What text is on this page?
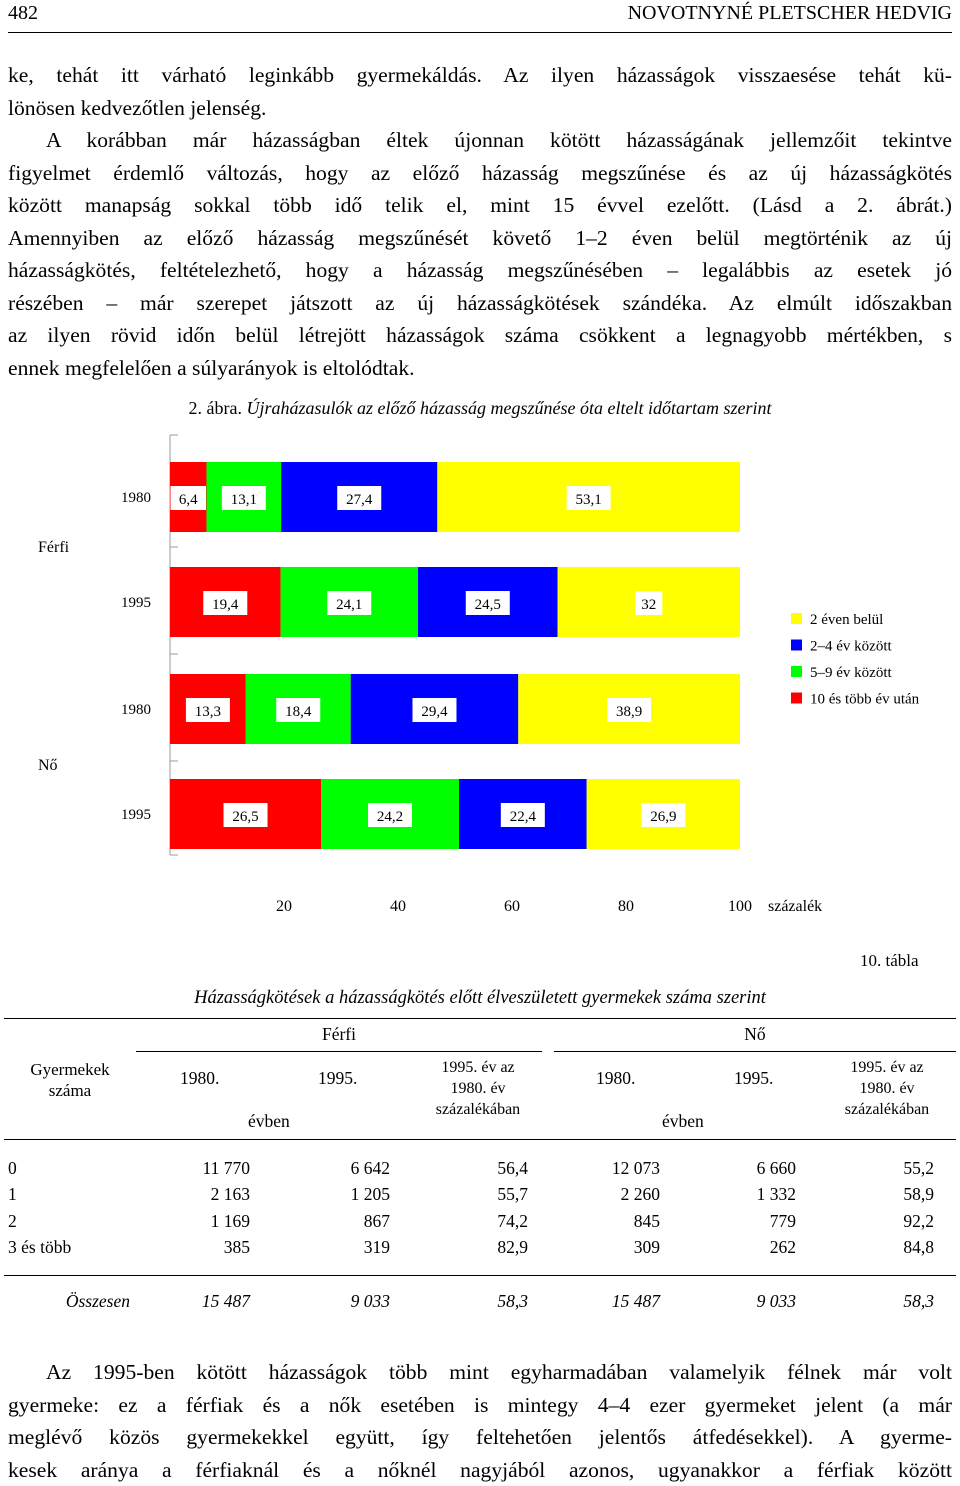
482	NOVOTNYNÉ PLETSCHER HEDVIG
ke, tehát itt várható leginkább gyermekáldás. Az ilyen házasságok visszaesése tehát kü-
lönösen kedvezőtlen jelenség.
A korábban már házasságban éltek újonnan kötött házasságának jellemzőit tekintve
figyelmet érdemlő változás, hogy az előző házasság megszűnése és az új házasságkötés
között manapság sokkal több idő telik el, mint 15 évvel ezelőtt. (Lásd a 2. ábrát.)
Amennyiben az előző házasság megszűnését követő 1–2 éven belül megtörténik az új
házasságkötés, feltételezhető, hogy a házasság megszűnésében – legalábbis az esetek jó
részében – már szerepet játszott az új házasságkötések szándéka. Az elmúlt időszakban
az ilyen rövid időn belül létrejött házasságok száma csökkent a legnagyobb mértékben, s
ennek megfelelően a súlyarányok is eltolódtak.
2. ábra. Újraházasulók az előző házasság megszűnése óta eltelt időtartam szerint
6,4 13,1	27,4	53,1
1980
19,4	24,1	24,5	32
1995
13,3	18,4	29,4	38,9
1980
26,5	24,2	22,4	26,9
1995
Férfi
Nő
20	40	60	80	100 százalék
2 éven belül
2–4 év között
5–9 év között
10 és több év után
10. tábla
Házasságkötések a házasságkötés előtt élveszületett gyermekek száma szerint

	Férfi			Nő		

Gyermekek száma	1980. 1995.
évben		1995. év az 1980. év százalékában	1980. 1995.
évben		1995. év az 1980. év százalékában

0	11 770	6 642	56,4	12 073	6 660	55,2
1	2 163	1 205	55,7	2 260	1 332	58,9
2	1 169	867	74,2	845	779	92,2
3 és több	385	319	82,9	309	262	84,8

Összesen	15 487	9 033	58,3	15 487	9 033	58,3
Az 1995-ben kötött házasságok több mint egyharmadában valamelyik félnek már volt
gyermeke: ez a férfiak és a nők esetében is mintegy 4–4 ezer gyermeket jelent (a már
meglévő közös gyermekekkel együtt, így feltehetően jelentős átfedésekkel). A gyerme-
kesek aránya a férfiaknál és a nőknél nagyjából azonos, ugyanakkor a férfiak között
